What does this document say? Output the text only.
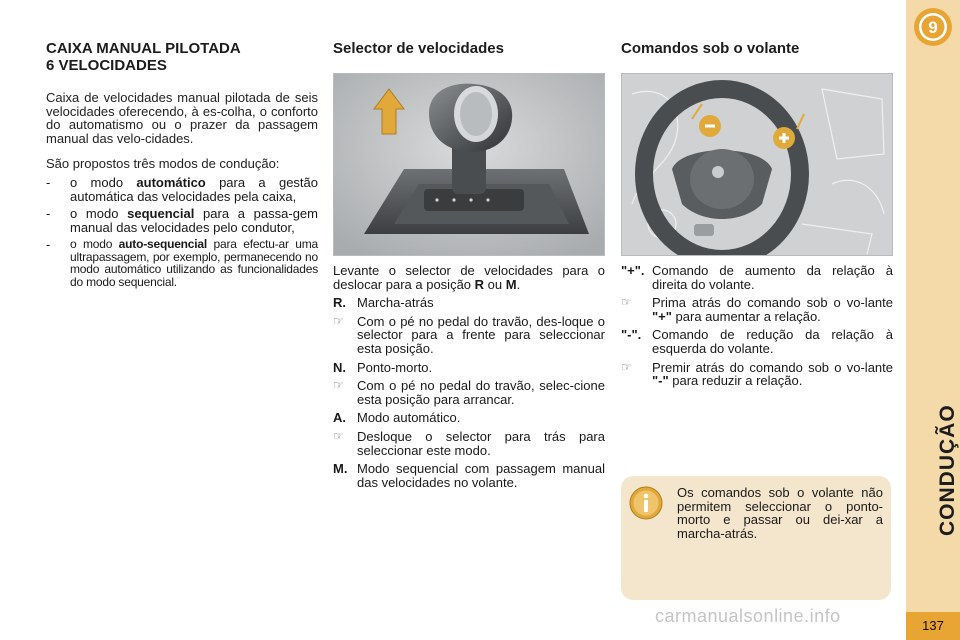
CAIXA MANUAL PILOTADA
6 VELOCIDADES

Caixa de velocidades manual pilotada de seis velocidades oferecendo, à es-colha, o conforto do automatismo ou o prazer da passagem manual das velo-cidades.

São propostos três modos de condução:

-	o modo automático para a gestão automática das velocidades pela caixa,
-	o modo sequencial para a passa-gem manual das velocidades pelo condutor,
-	o modo auto-sequencial para efectu-ar uma ultrapassagem, por exemplo, permanecendo no modo automático utilizando as funcionalidades do modo sequencial.
Selector de velocidades

Levante o selector de velocidades para o deslocar para a posição R ou M.

R. Marcha-atrás
☞	Com o pé no pedal do travão, des-loque o selector para a frente para seleccionar esta posição.
N. Ponto-morto.
☞	Com o pé no pedal do travão, selec-cione esta posição para arrancar.
A. Modo automático.
☞	Desloque o selector para trás para seleccionar este modo.
M. Modo sequencial com passagem manual das velocidades no volante.
Comandos sob o volante
"+". Comando de aumento da relação à direita do volante.
☞	Prima atrás do comando sob o vo-lante "+" para aumentar a relação.
"-". Comando de redução da relação à esquerda do volante.
☞	Premir atrás do comando sob o vo-lante "-" para reduzir a relação.

Os comandos sob o volante não permitem seleccionar o ponto-morto e passar ou dei-xar a marcha-atrás.

9
CONDUÇÃO
137
carmanualsonline.info
